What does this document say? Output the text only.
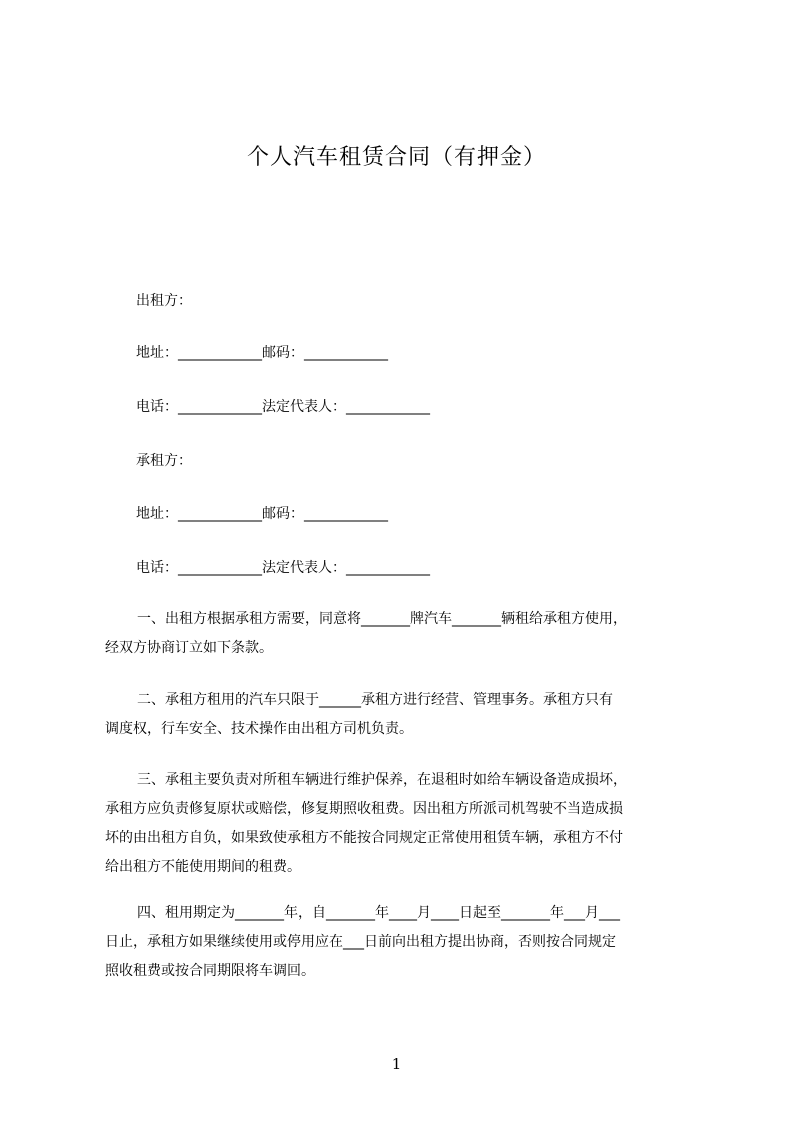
个人汽车租赁合同（有押金）
出租方：
地址：____________邮码：____________
电话：____________法定代表人：____________
承租方：
地址：____________邮码：____________
电话：____________法定代表人：____________

一、出租方根据承租方需要，同意将_______牌汽车_______辆租给承租方使用，

经双方协商订立如下条款。

二、承租方租用的汽车只限于______承租方进行经营、管理事务。承租方只有

调度权，行车安全、技术操作由出租方司机负责。

三、承租主要负责对所租车辆进行维护保养，在退租时如给车辆设备造成损坏，

承租方应负责修复原状或赔偿，修复期照收租费。因出租方所派司机驾驶不当造成损

坏的由出租方自负，如果致使承租方不能按合同规定正常使用租赁车辆，承租方不付

给出租方不能使用期间的租费。

四、租用期定为_______年，自_______年____月____日起至_______年___月___

日止，承租方如果继续使用或停用应在___日前向出租方提出协商，否则按合同规定

照收租费或按合同期限将车调回。

1
